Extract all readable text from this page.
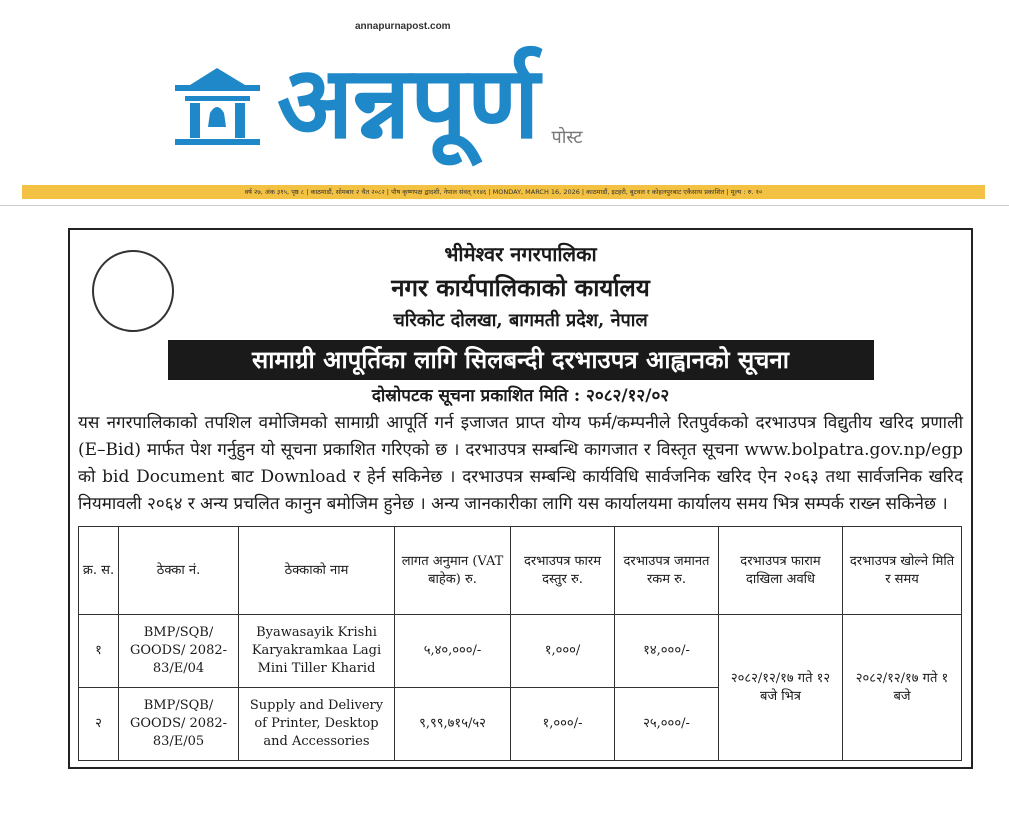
annapurnapost.com
अन्नपूर्ण पोस्ट
वर्ष २७, अंक ३१५, पृष्ठ ८ | काठमाडौं, सोमबार २ चैत २०८२ | पौष कृष्णपक्ष द्वादशी, नेपाल संवत् ११४६ | MONDAY, MARCH 16, 2026 | काठमाडौं, इटहरी, बुटवल र कोहलपुरबाट एकैसाथ प्रकाशित | मूल्य : रु. १०
भीमेश्वर नगरपालिका
नगर कार्यपालिकाको कार्यालय
चरिकोट दोलखा, बागमती प्रदेश, नेपाल
सामाग्री आपूर्तिका लागि सिलबन्दी दरभाउपत्र आह्वानको सूचना
दोस्रोपटक सूचना प्रकाशित मिति : २०८२/१२/०२
यस नगरपालिकाको तपशिल वमोजिमको सामाग्री आपूर्ति गर्न इजाजत प्राप्त योग्य फर्म/कम्पनीले रितपुर्वकको दरभाउपत्र विद्युतीय खरिद प्रणाली (E–Bid) मार्फत पेश गर्नुहुन यो सूचना प्रकाशित गरिएको छ । दरभाउपत्र सम्बन्धि कागजात र विस्तृत सूचना www.bolpatra.gov.np/egp को bid Document बाट Download र हेर्न सकिनेछ । दरभाउपत्र सम्बन्धि कार्यविधि सार्वजनिक खरिद ऐन २०६३ तथा सार्वजनिक खरिद नियमावली २०६४ र अन्य प्रचलित कानुन बमोजिम हुनेछ । अन्य जानकारीका लागि यस कार्यालयमा कार्यालय समय भित्र सम्पर्क राख्न सकिनेछ ।
क्र. स.	ठेक्का नं.	ठेक्काको नाम	लागत अनुमान (VAT बाहेक) रु.	दरभाउपत्र फारम दस्तुर रु.	दरभाउपत्र जमानत रकम रु.	दरभाउपत्र फाराम दाखिला अवधि	दरभाउपत्र खोल्ने मिति र समय
१	BMP/SQB/ GOODS/ 2082-83/E/04	Byawasayik Krishi Karyakramkaa Lagi Mini Tiller Kharid	५,४०,०००/-	१,०००/	१४,०००/-	२०८२/१२/१७ गते १२ बजे भित्र	२०८२/१२/१७ गते १ बजे
२	BMP/SQB/ GOODS/ 2082-83/E/05	Supply and Delivery of Printer, Desktop and Accessories	९,९९,७१५/५२	१,०००/-	२५,०००/-		
